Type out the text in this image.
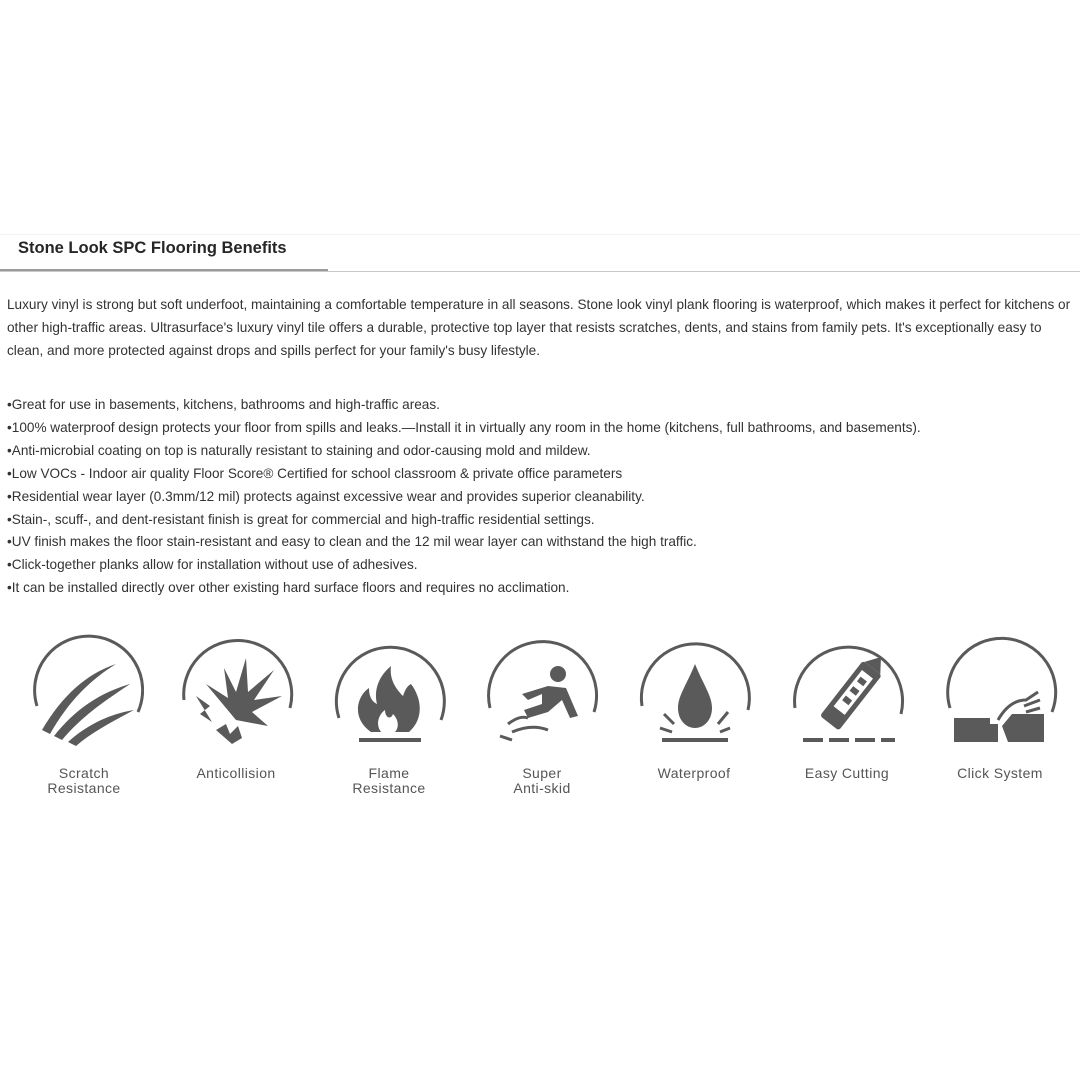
Stone Look SPC Flooring Benefits

Luxury vinyl is strong but soft underfoot, maintaining a comfortable temperature in all seasons. Stone look vinyl plank flooring is waterproof, which makes it perfect for kitchens or other high-traffic areas. Ultrasurface's luxury vinyl tile offers a durable, protective top layer that resists scratches, dents, and stains from family pets. It's exceptionally easy to clean, and more protected against drops and spills perfect for your family's busy lifestyle.

•Great for use in basements, kitchens, bathrooms and high-traffic areas.
•100% waterproof design protects your floor from spills and leaks.—Install it in virtually any room in the home (kitchens, full bathrooms, and basements).
•Anti-microbial coating on top is naturally resistant to staining and odor-causing mold and mildew.
•Low VOCs - Indoor air quality Floor Score® Certified for school classroom & private office parameters
•Residential wear layer (0.3mm/12 mil) protects against excessive wear and provides superior cleanability.
•Stain-, scuff-, and dent-resistant finish is great for commercial and high-traffic residential settings.
•UV finish makes the floor stain-resistant and easy to clean and the 12 mil wear layer can withstand the high traffic.
•Click-together planks allow for installation without use of adhesives.
•It can be installed directly over other existing hard surface floors and requires no acclimation.
Scratch
Resistance
Anticollision	Flame
Resistance
Super
Anti-skid
Waterproof	Easy Cutting	Click System
